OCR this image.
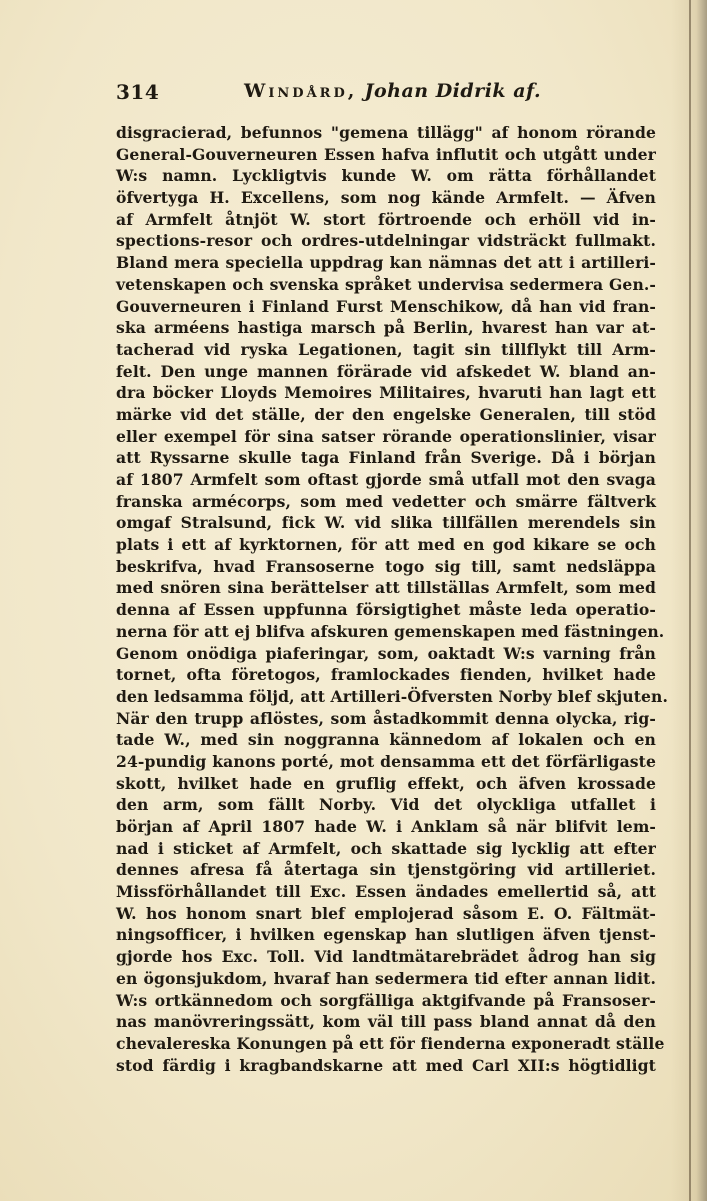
314	Windård, Johan Didrik af.
disgracierad, befunnos "gemena tillägg" af honom rörande
General-Gouverneuren Essen hafva influtit och utgått under
W:s namn. Lyckligtvis kunde W. om rätta förhållandet
öfvertyga H. Excellens, som nog kände Armfelt. — Äfven
af Armfelt åtnjöt W. stort förtroende och erhöll vid in-
spections-resor och ordres-utdelningar vidsträckt fullmakt.
Bland mera speciella uppdrag kan nämnas det att i artilleri-
vetenskapen och svenska språket undervisa sedermera Gen.-
Gouverneuren i Finland Furst Menschikow, då han vid fran-
ska arméens hastiga marsch på Berlin, hvarest han var at-
tacherad vid ryska Legationen, tagit sin tillflykt till Arm-
felt. Den unge mannen förärade vid afskedet W. bland an-
dra böcker Lloyds Memoires Militaires, hvaruti han lagt ett
märke vid det ställe, der den engelske Generalen, till stöd
eller exempel för sina satser rörande operationslinier, visar
att Ryssarne skulle taga Finland från Sverige. Då i början
af 1807 Armfelt som oftast gjorde små utfall mot den svaga
franska armécorps, som med vedetter och smärre fältverk
omgaf Stralsund, fick W. vid slika tillfällen merendels sin
plats i ett af kyrktornen, för att med en god kikare se och
beskrifva, hvad Fransoserne togo sig till, samt nedsläppa
med snören sina berättelser att tillställas Armfelt, som med
denna af Essen uppfunna försigtighet måste leda operatio-
nerna för att ej blifva afskuren gemenskapen med fästningen.
Genom onödiga piaferingar, som, oaktadt W:s varning från
tornet, ofta företogos, framlockades fienden, hvilket hade
den ledsamma följd, att Artilleri-Öfversten Norby blef skjuten.
När den trupp aflöstes, som åstadkommit denna olycka, rig-
tade W., med sin noggranna kännedom af lokalen och en
24-pundig kanons porté, mot densamma ett det förfärligaste
skott, hvilket hade en gruflig effekt, och äfven krossade
den arm, som fällt Norby. Vid det olyckliga utfallet i
början af April 1807 hade W. i Anklam så när blifvit lem-
nad i sticket af Armfelt, och skattade sig lycklig att efter
dennes afresa få återtaga sin tjenstgöring vid artilleriet.
Missförhållandet till Exc. Essen ändades emellertid så, att
W. hos honom snart blef emplojerad såsom E. O. Fältmät-
ningsofficer, i hvilken egenskap han slutligen äfven tjenst-
gjorde hos Exc. Toll. Vid landtmätarebrädet ådrog han sig
en ögonsjukdom, hvaraf han sedermera tid efter annan lidit.
W:s ortkännedom och sorgfälliga aktgifvande på Fransoser-
nas manövreringssätt, kom väl till pass bland annat då den
chevalereska Konungen på ett för fienderna exponeradt ställe
stod färdig i kragbandskarne att med Carl XII:s högtidligt
